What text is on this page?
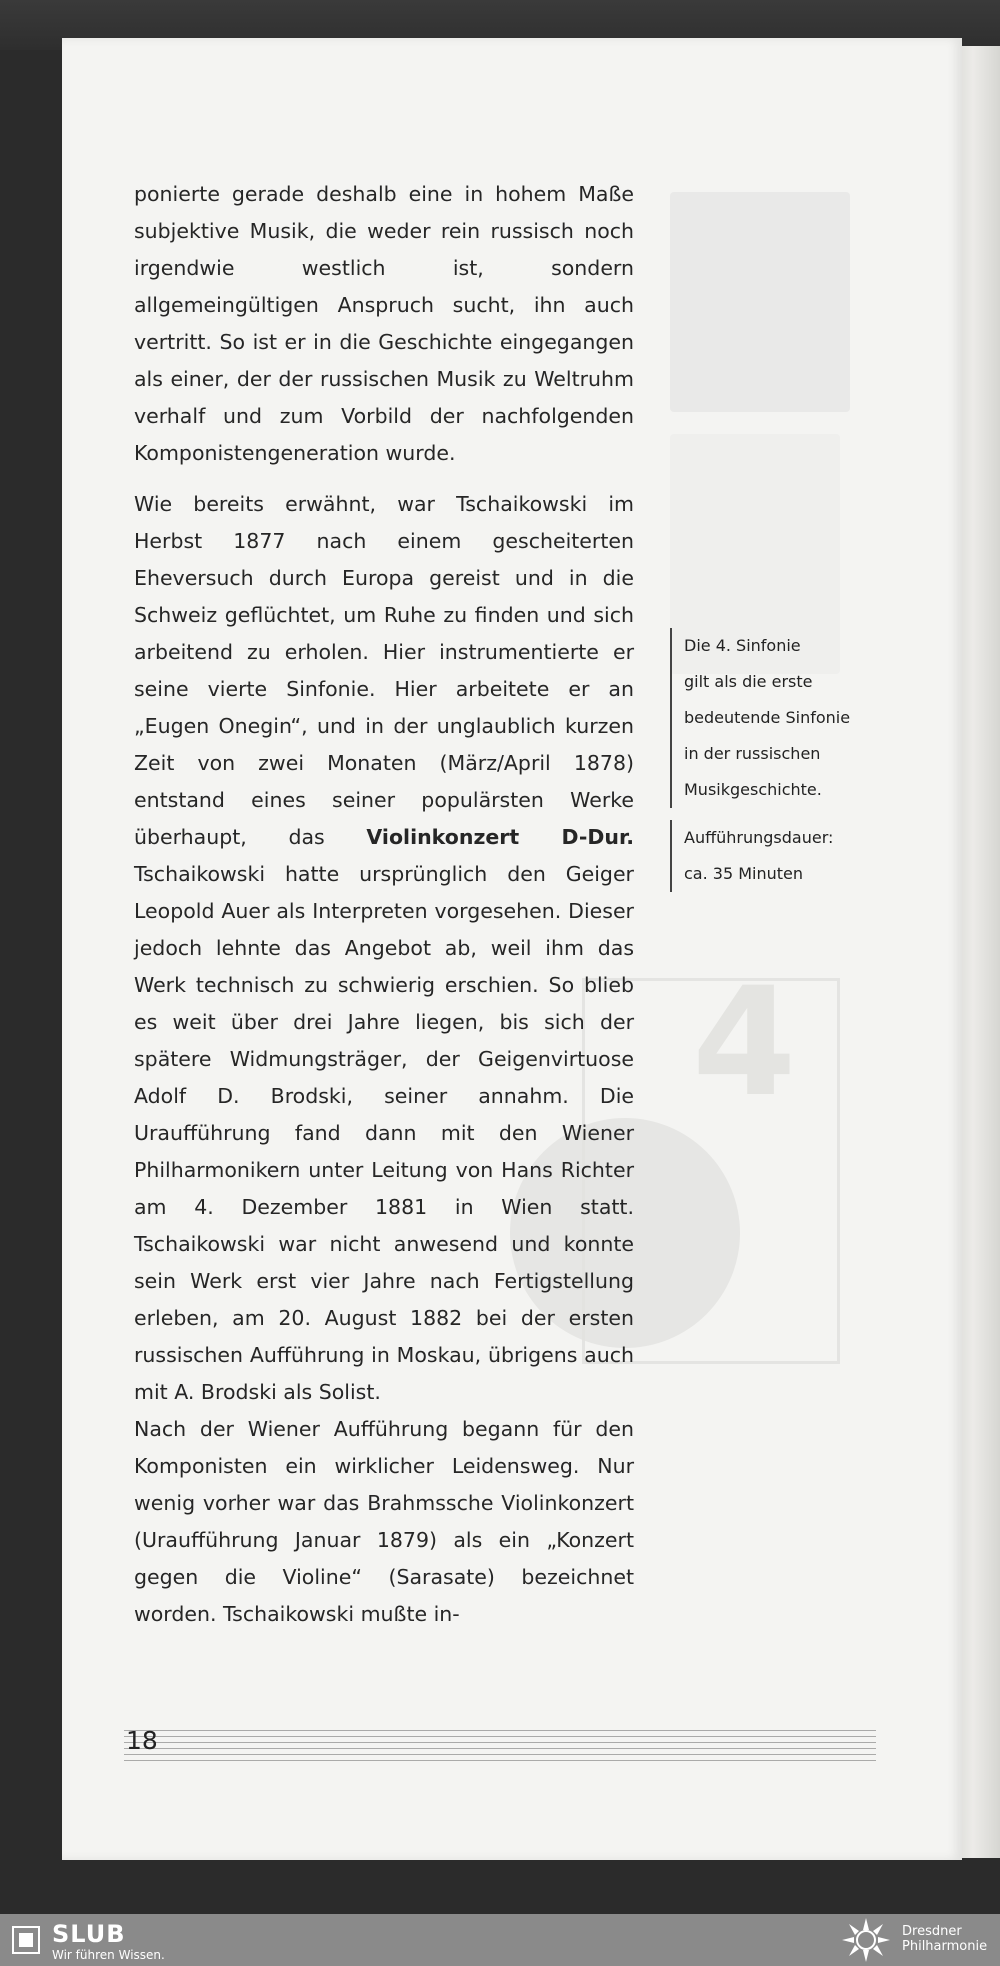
4

ponierte gerade deshalb eine in hohem Maße subjektive Musik, die weder rein russisch noch irgendwie westlich ist, sondern allgemeingültigen Anspruch sucht, ihn auch vertritt. So ist er in die Geschichte eingegangen als einer, der der russischen Musik zu Weltruhm verhalf und zum Vorbild der nachfolgenden Komponistengeneration wurde.

Wie bereits erwähnt, war Tschaikowski im Herbst 1877 nach einem gescheiterten Eheversuch durch Europa gereist und in die Schweiz geflüchtet, um Ruhe zu finden und sich arbeitend zu erholen. Hier instrumentierte er seine vierte Sinfonie. Hier arbeitete er an „Eugen Onegin“, und in der unglaublich kurzen Zeit von zwei Monaten (März/April 1878) entstand eines seiner populärsten Werke überhaupt, das Violinkonzert D-Dur. Tschaikowski hatte ursprünglich den Geiger Leopold Auer als Interpreten vorgesehen. Dieser jedoch lehnte das Angebot ab, weil ihm das Werk technisch zu schwierig erschien. So blieb es weit über drei Jahre liegen, bis sich der spätere Widmungsträger, der Geigenvirtuose Adolf D. Brodski, seiner annahm. Die Uraufführung fand dann mit den Wiener Philharmonikern unter Leitung von Hans Richter am 4. Dezember 1881 in Wien statt. Tschaikowski war nicht anwesend und konnte sein Werk erst vier Jahre nach Fertigstellung erleben, am 20. August 1882 bei der ersten russischen Aufführung in Moskau, übrigens auch mit A. Brodski als Solist.

Nach der Wiener Aufführung begann für den Komponisten ein wirklicher Leidensweg. Nur wenig vorher war das Brahmssche Violinkonzert (Uraufführung Januar 1879) als ein „Konzert gegen die Violine“ (Sarasate) bezeichnet worden. Tschaikowski mußte in-

Die 4. Sinfonie
gilt als die erste
bedeutende Sinfonie
in der russischen
Musikgeschichte.
Aufführungsdauer:
ca. 35 Minuten
18
SLUB
Wir führen Wissen.
Dresdner
Philharmonie
